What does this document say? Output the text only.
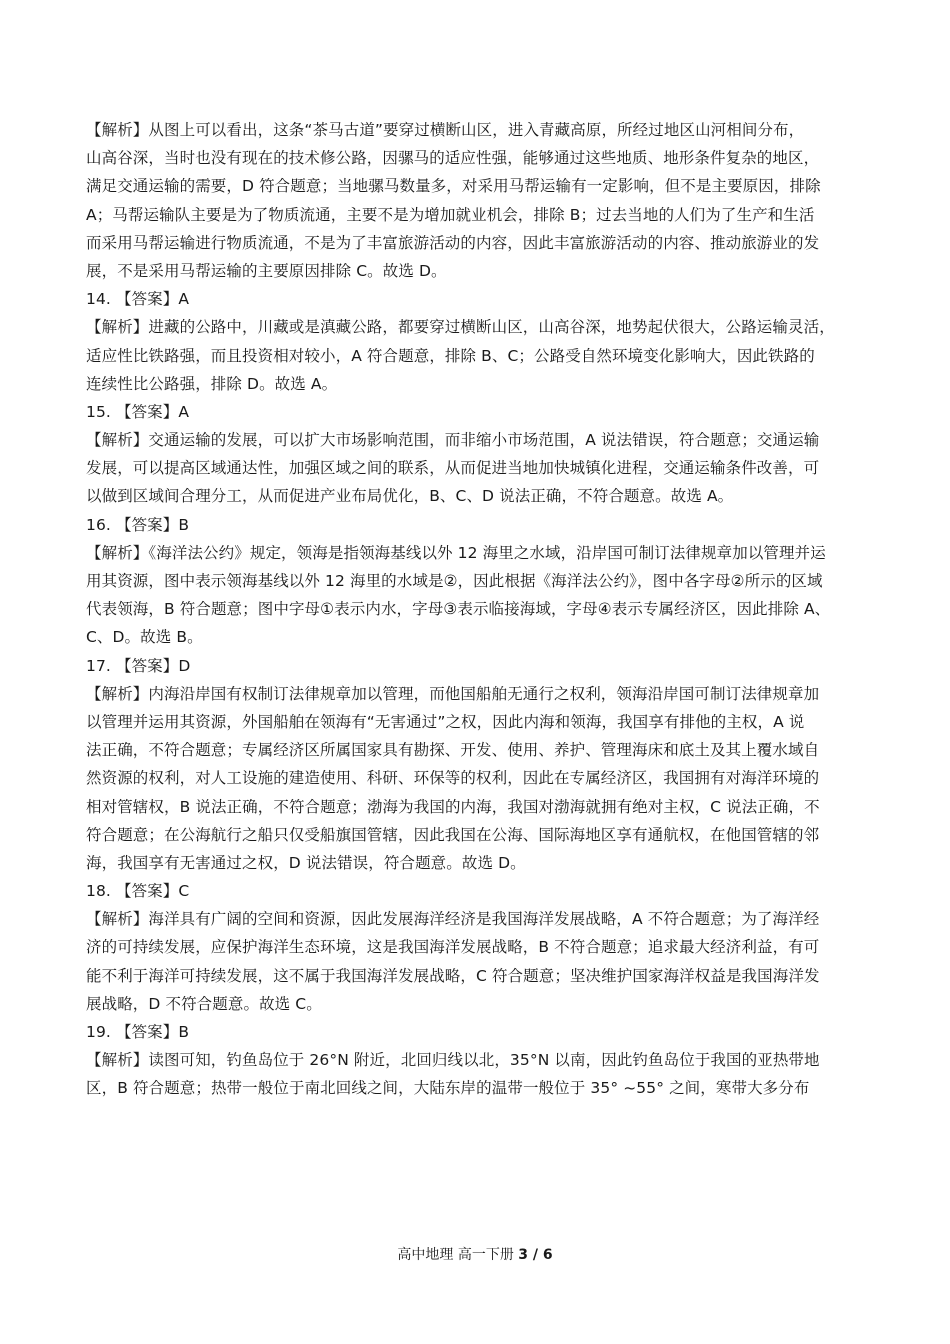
【解析】从图上可以看出，这条“茶马古道”要穿过横断山区，进入青藏高原，所经过地区山河相间分布，
山高谷深，当时也没有现在的技术修公路，因骡马的适应性强，能够通过这些地质、地形条件复杂的地区，
满足交通运输的需要，D 符合题意；当地骡马数量多，对采用马帮运输有一定影响，但不是主要原因，排除
A；马帮运输队主要是为了物质流通，主要不是为增加就业机会，排除 B；过去当地的人们为了生产和生活
而采用马帮运输进行物质流通，不是为了丰富旅游活动的内容，因此丰富旅游活动的内容、推动旅游业的发
展，不是采用马帮运输的主要原因排除 C。故选 D。
14. 【答案】A
【解析】进藏的公路中，川藏或是滇藏公路，都要穿过横断山区，山高谷深，地势起伏很大，公路运输灵活，
适应性比铁路强，而且投资相对较小，A 符合题意，排除 B、C；公路受自然环境变化影响大，因此铁路的
连续性比公路强，排除 D。故选 A。
15. 【答案】A
【解析】交通运输的发展，可以扩大市场影响范围，而非缩小市场范围，A 说法错误，符合题意；交通运输
发展，可以提高区域通达性，加强区域之间的联系，从而促进当地加快城镇化进程，交通运输条件改善，可
以做到区域间合理分工，从而促进产业布局优化，B、C、D 说法正确，不符合题意。故选 A。
16. 【答案】B
【解析】《海洋法公约》规定，领海是指领海基线以外 12 海里之水域，沿岸国可制订法律规章加以管理并运
用其资源，图中表示领海基线以外 12 海里的水域是②，因此根据《海洋法公约》，图中各字母②所示的区域
代表领海，B 符合题意；图中字母①表示内水，字母③表示临接海域，字母④表示专属经济区，因此排除 A、
C、D。故选 B。
17. 【答案】D
【解析】内海沿岸国有权制订法律规章加以管理，而他国船舶无通行之权利，领海沿岸国可制订法律规章加
以管理并运用其资源，外国船舶在领海有“无害通过”之权，因此内海和领海，我国享有排他的主权，A 说
法正确，不符合题意；专属经济区所属国家具有勘探、开发、使用、养护、管理海床和底土及其上覆水域自
然资源的权利，对人工设施的建造使用、科研、环保等的权利，因此在专属经济区，我国拥有对海洋环境的
相对管辖权，B 说法正确，不符合题意；渤海为我国的内海，我国对渤海就拥有绝对主权，C 说法正确，不
符合题意；在公海航行之船只仅受船旗国管辖，因此我国在公海、国际海地区享有通航权，在他国管辖的邻
海，我国享有无害通过之权，D 说法错误，符合题意。故选 D。
18. 【答案】C
【解析】海洋具有广阔的空间和资源，因此发展海洋经济是我国海洋发展战略，A 不符合题意；为了海洋经
济的可持续发展，应保护海洋生态环境，这是我国海洋发展战略，B 不符合题意；追求最大经济利益，有可
能不利于海洋可持续发展，这不属于我国海洋发展战略，C 符合题意；坚决维护国家海洋权益是我国海洋发
展战略，D 不符合题意。故选 C。
19. 【答案】B
【解析】读图可知，钓鱼岛位于 26°N 附近，北回归线以北，35°N 以南，因此钓鱼岛位于我国的亚热带地
区，B 符合题意；热带一般位于南北回线之间，大陆东岸的温带一般位于 35° ~55° 之间，寒带大多分布
高中地理 高一下册 3 / 6
